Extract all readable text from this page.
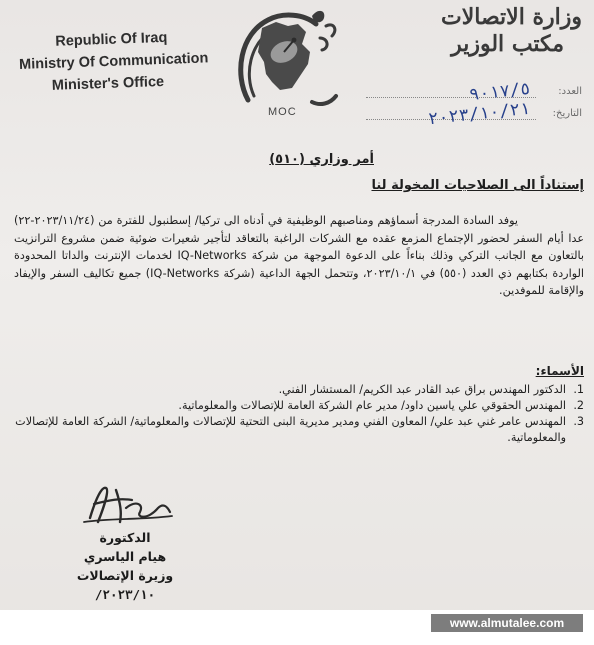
Republic Of Iraq
Ministry Of Communication
Minister's Office
MOC
وزارة الاتصالات
مكتب الوزير
العدد:
٩٠١٧/٥
التاريخ:
٢٠٢٣/١٠/٢١
أمر وزاري (٥١٠)
إستناداً الى الصلاحيات المخولة لنا
يوفد السادة المدرجة أسماؤهم ومناصبهم الوظيفية في أدناه الى تركيا/ إسطنبول للفترة من (٢٠٢٣/١١/٢٤-٢٢) عدا أيام السفر لحضور الإجتماع المزمع عقده مع الشركات الراغبة بالتعاقد لتأجير شعيرات ضوئية ضمن مشروع الترانزيت بالتعاون مع الجانب التركي وذلك بناءاً على الدعوة الموجهة من شركة IQ-Networks لخدمات الإنترنت والداتا المحدودة الواردة بكتابهم ذي العدد (٥٥٠) في ٢٠٢٣/١٠/١، وتتحمل الجهة الداعية (شركة IQ-Networks) جميع تكاليف السفر والإيفاد والإقامة للموفدين.
الأسماء:
1.
الدكتور المهندس براق عبد القادر عبد الكريم/ المستشار الفني.
2.
المهندس الحقوقي علي ياسين داود/ مدير عام الشركة العامة للإتصالات والمعلوماتية.
3.
المهندس عامر غني عبد علي/ المعاون الفني ومدير مديرية البنى التحتية للإتصالات والمعلوماتية/ الشركة العامة للإتصالات والمعلوماتية.
الدكتورة
هيام الياسري
وزيرة الإتصالات
٢٠٢٣/١٠/
www.almutalee.com
